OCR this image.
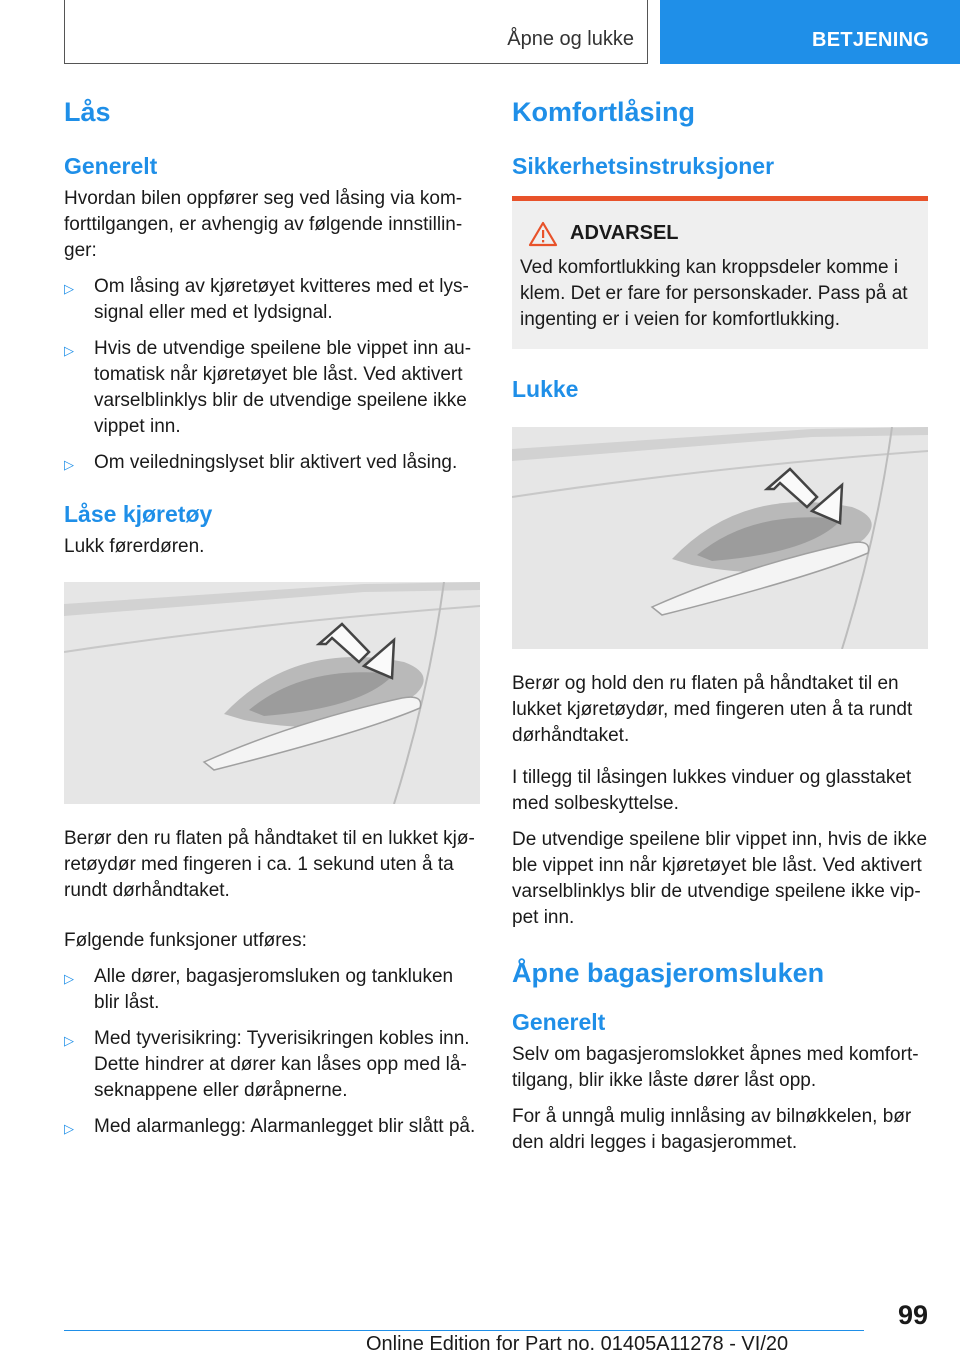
Åpne og lukke	BETJENING
Lås
Generelt

Hvordan bilen oppfører seg ved låsing via kom-forttilgangen, er avhengig av følgende innstillin-ger:

▷ Om låsing av kjøretøyet kvitteres med et lys-signal eller med et lydsignal.
▷ Hvis de utvendige speilene ble vippet inn au-tomatisk når kjøretøyet ble låst. Ved aktivert varselblinklys blir de utvendige speilene ikke vippet inn.
▷ Om veiledningslyset blir aktivert ved låsing.
Låse kjøretøy

Lukk førerdøren.

Berør den ru flaten på håndtaket til en lukket kjø-retøydør med fingeren i ca. 1 sekund uten å ta rundt dørhåndtaket.

Følgende funksjoner utføres:

▷ Alle dører, bagasjeromsluken og tankluken blir låst.
▷ Med tyverisikring: Tyverisikringen kobles inn. Dette hindrer at dører kan låses opp med lå-seknappene eller døråpnerne.
▷ Med alarmanlegg: Alarmanlegget blir slått på.
Komfortlåsing
Sikkerhetsinstruksjoner
ADVARSEL

Ved komfortlukking kan kroppsdeler komme i klem. Det er fare for personskader. Pass på at ingenting er i veien for komfortlukking.

Lukke

Berør og hold den ru flaten på håndtaket til en lukket kjøretøydør, med fingeren uten å ta rundt dørhåndtaket.

I tillegg til låsingen lukkes vinduer og glasstaket med solbeskyttelse.

De utvendige speilene blir vippet inn, hvis de ikke ble vippet inn når kjøretøyet ble låst. Ved aktivert varselblinklys blir de utvendige speilene ikke vip-pet inn.

Åpne bagasjeromsluken
Generelt

Selv om bagasjeromslokket åpnes med komfort-tilgang, blir ikke låste dører låst opp.

For å unngå mulig innlåsing av bilnøkkelen, bør den aldri legges i bagasjerommet.

99
Online Edition for Part no. 01405A11278 - VI/20
